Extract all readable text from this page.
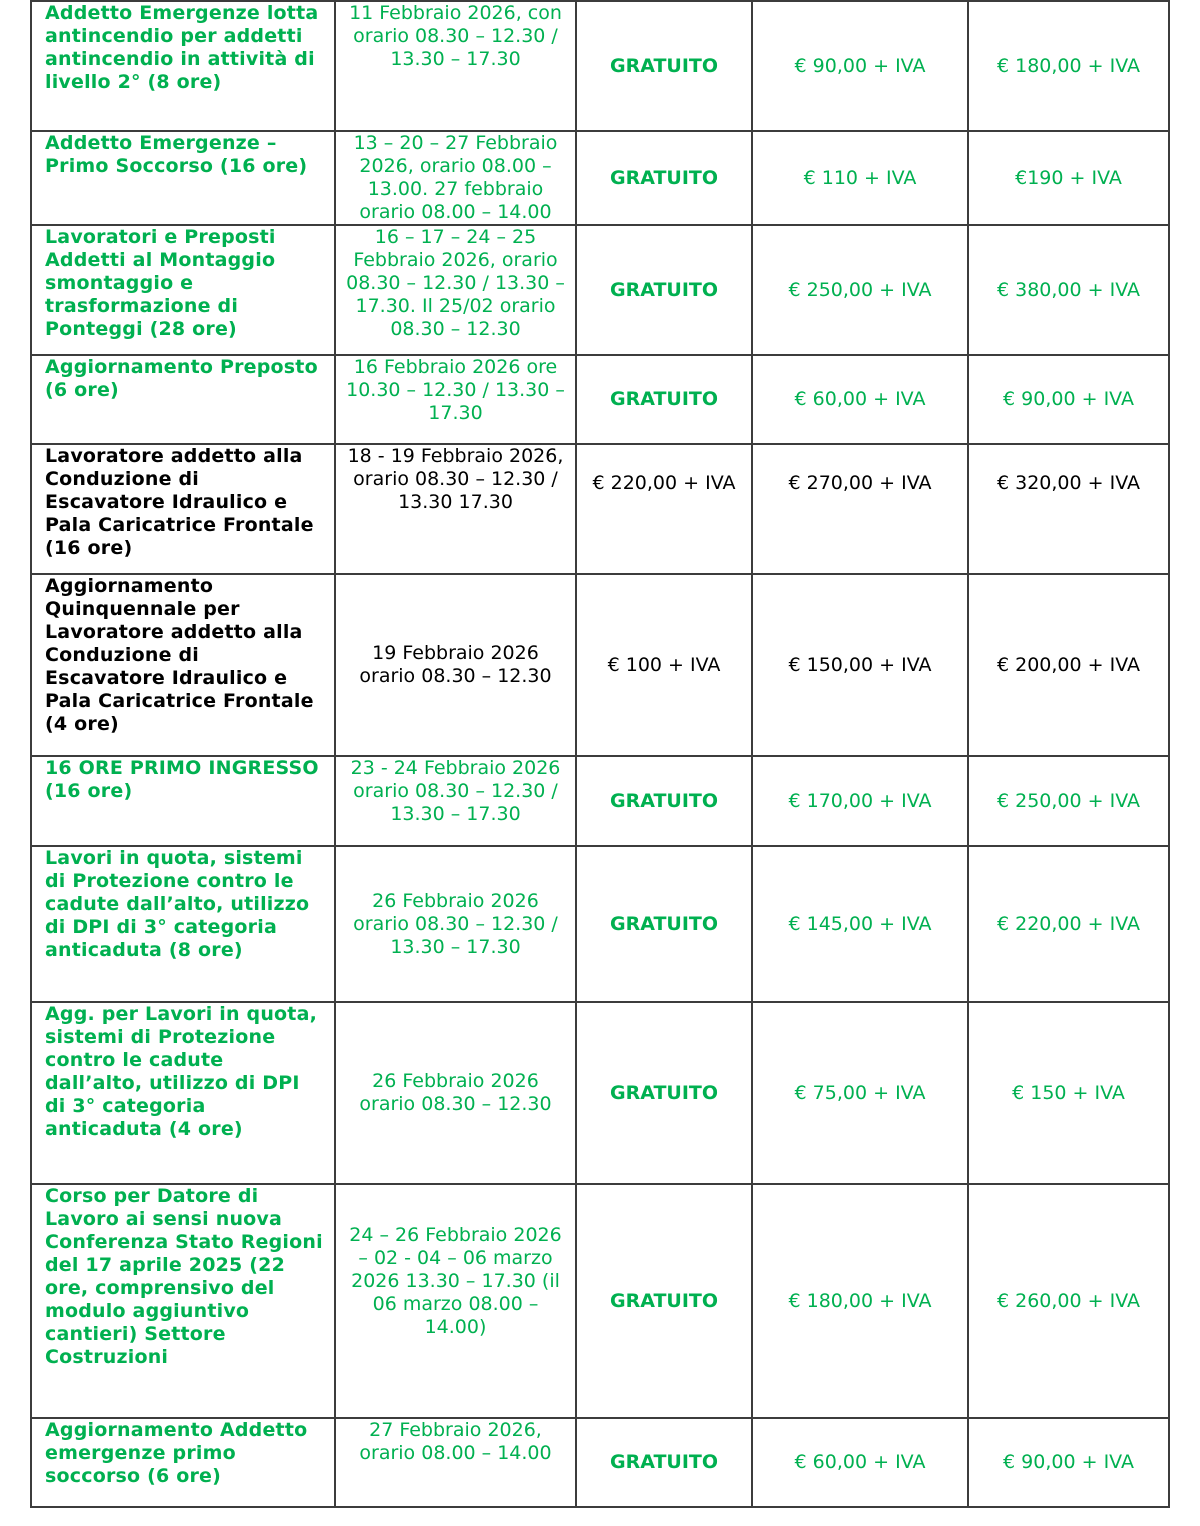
Addetto Emergenze lotta antincendio per addetti antincendio in attività di livello 2° (8 ore)	11 Febbraio 2026, con orario 08.30 – 12.30 / 13.30 – 17.30	GRATUITO	€ 90,00 + IVA	€ 180,00 + IVA
Addetto Emergenze – Primo Soccorso (16 ore)	13 – 20 – 27 Febbraio 2026, orario 08.00 – 13.00. 27 febbraio orario 08.00 – 14.00	GRATUITO	€ 110 + IVA	€190 + IVA
Lavoratori e Preposti Addetti al Montaggio smontaggio e trasformazione di Ponteggi (28 ore)	16 – 17 – 24 – 25 Febbraio 2026, orario 08.30 – 12.30 / 13.30 – 17.30. Il 25/02 orario 08.30 – 12.30	GRATUITO	€ 250,00 + IVA	€ 380,00 + IVA
Aggiornamento Preposto (6 ore)	16 Febbraio 2026 ore 10.30 – 12.30 / 13.30 – 17.30	GRATUITO	€ 60,00 + IVA	€ 90,00 + IVA
Lavoratore addetto alla Conduzione di Escavatore Idraulico e Pala Caricatrice Frontale (16 ore)	18 - 19 Febbraio 2026, orario 08.30 – 12.30 / 13.30 17.30	€ 220,00 + IVA	€ 270,00 + IVA	€ 320,00 + IVA
Aggiornamento Quinquennale per Lavoratore addetto alla Conduzione di Escavatore Idraulico e Pala Caricatrice Frontale (4 ore)	19 Febbraio 2026 orario 08.30 – 12.30	€ 100 + IVA	€ 150,00 + IVA	€ 200,00 + IVA
16 ORE PRIMO INGRESSO (16 ore)	23 - 24 Febbraio 2026 orario 08.30 – 12.30 / 13.30 – 17.30	GRATUITO	€ 170,00 + IVA	€ 250,00 + IVA
Lavori in quota, sistemi di Protezione contro le cadute dall’alto, utilizzo di DPI di 3° categoria anticaduta (8 ore)	26 Febbraio 2026 orario 08.30 – 12.30 / 13.30 – 17.30	GRATUITO	€ 145,00 + IVA	€ 220,00 + IVA
Agg. per Lavori in quota, sistemi di Protezione contro le cadute dall’alto, utilizzo di DPI di 3° categoria anticaduta (4 ore)	26 Febbraio 2026 orario 08.30 – 12.30	GRATUITO	€ 75,00 + IVA	€ 150 + IVA
Corso per Datore di Lavoro ai sensi nuova Conferenza Stato Regioni del 17 aprile 2025 (22 ore, comprensivo del modulo aggiuntivo cantieri) Settore Costruzioni	24 – 26 Febbraio 2026 – 02 - 04 – 06 marzo 2026 13.30 – 17.30 (il 06 marzo 08.00 – 14.00)	GRATUITO	€ 180,00 + IVA	€ 260,00 + IVA
Aggiornamento Addetto emergenze primo soccorso (6 ore)	27 Febbraio 2026, orario 08.00 – 14.00	GRATUITO	€ 60,00 + IVA	€ 90,00 + IVA
